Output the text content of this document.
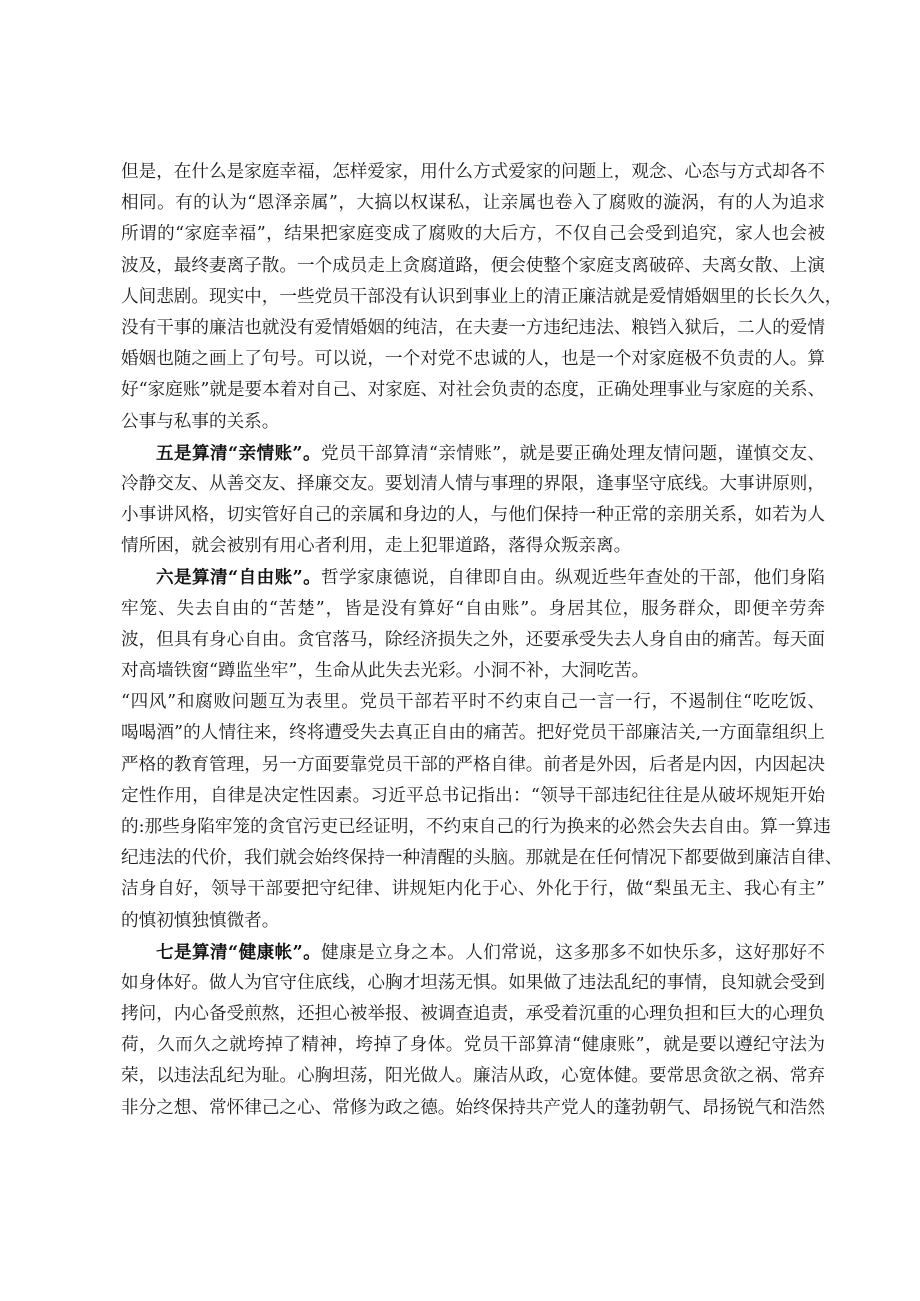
但是，在什么是家庭幸福，怎样爱家，用什么方式爱家的问题上，观念、心态与方式却各不
相同。有的认为“恩泽亲属”，大搞以权谋私，让亲属也卷入了腐败的漩涡，有的人为追求
所谓的“家庭幸福”，结果把家庭变成了腐败的大后方，不仅自己会受到追究，家人也会被
波及，最终妻离子散。一个成员走上贪腐道路，便会使整个家庭支离破碎、夫离女散、上演
人间悲剧。现实中，一些党员干部没有认识到事业上的清正廉洁就是爱情婚姻里的长长久久，
没有干事的廉洁也就没有爱情婚姻的纯洁，在夫妻一方违纪违法、粮铛入狱后，二人的爱情
婚姻也随之画上了句号。可以说，一个对党不忠诚的人，也是一个对家庭极不负责的人。算
好“家庭账”就是要本着对自己、对家庭、对社会负责的态度，正确处理事业与家庭的关系、
公事与私事的关系。
五是算清“亲情账”。党员干部算清“亲情账”，就是要正确处理友情问题，谨慎交友、
冷静交友、从善交友、择廉交友。要划清人情与事理的界限，逢事坚守底线。大事讲原则，
小事讲风格，切实管好自己的亲属和身边的人，与他们保持一种正常的亲朋关系，如若为人
情所困，就会被别有用心者利用，走上犯罪道路，落得众叛亲离。
六是算清“自由账”。哲学家康德说，自律即自由。纵观近些年查处的干部，他们身陷
牢笼、失去自由的“苦楚”，皆是没有算好“自由账”。身居其位，服务群众，即便辛劳奔
波，但具有身心自由。贪官落马，除经济损失之外，还要承受失去人身自由的痛苦。每天面
对高墙铁窗“蹲监坐牢”，生命从此失去光彩。小洞不补，大洞吃苦。
“四风”和腐败问题互为表里。党员干部若平时不约束自己一言一行，不遏制住“吃吃饭、
喝喝酒”的人情往来，终将遭受失去真正自由的痛苦。把好党员干部廉洁关,一方面靠组织上
严格的教育管理，另一方面要靠党员干部的严格自律。前者是外因，后者是内因，内因起决
定性作用，自律是决定性因素。习近平总书记指出：“领导干部违纪往往是从破坏规矩开始
的:那些身陷牢笼的贪官污吏已经证明，不约束自己的行为换来的必然会失去自由。算一算违
纪违法的代价，我们就会始终保持一种清醒的头脑。那就是在任何情况下都要做到廉洁自律、
洁身自好，领导干部要把守纪律、讲规矩内化于心、外化于行，做“梨虽无主、我心有主”
的慎初慎独慎微者。
七是算清“健康帐”。健康是立身之本。人们常说，这多那多不如快乐多，这好那好不
如身体好。做人为官守住底线，心胸才坦荡无惧。如果做了违法乱纪的事情，良知就会受到
拷问，内心备受煎熬，还担心被举报、被调查追责，承受着沉重的心理负担和巨大的心理负
荷，久而久之就垮掉了精神，垮掉了身体。党员干部算清“健康账”，就是要以遵纪守法为
荣，以违法乱纪为耻。心胸坦荡，阳光做人。廉洁从政，心宽体健。要常思贪欲之祸、常弃
非分之想、常怀律己之心、常修为政之德。始终保持共产党人的蓬勃朝气、昂扬锐气和浩然
